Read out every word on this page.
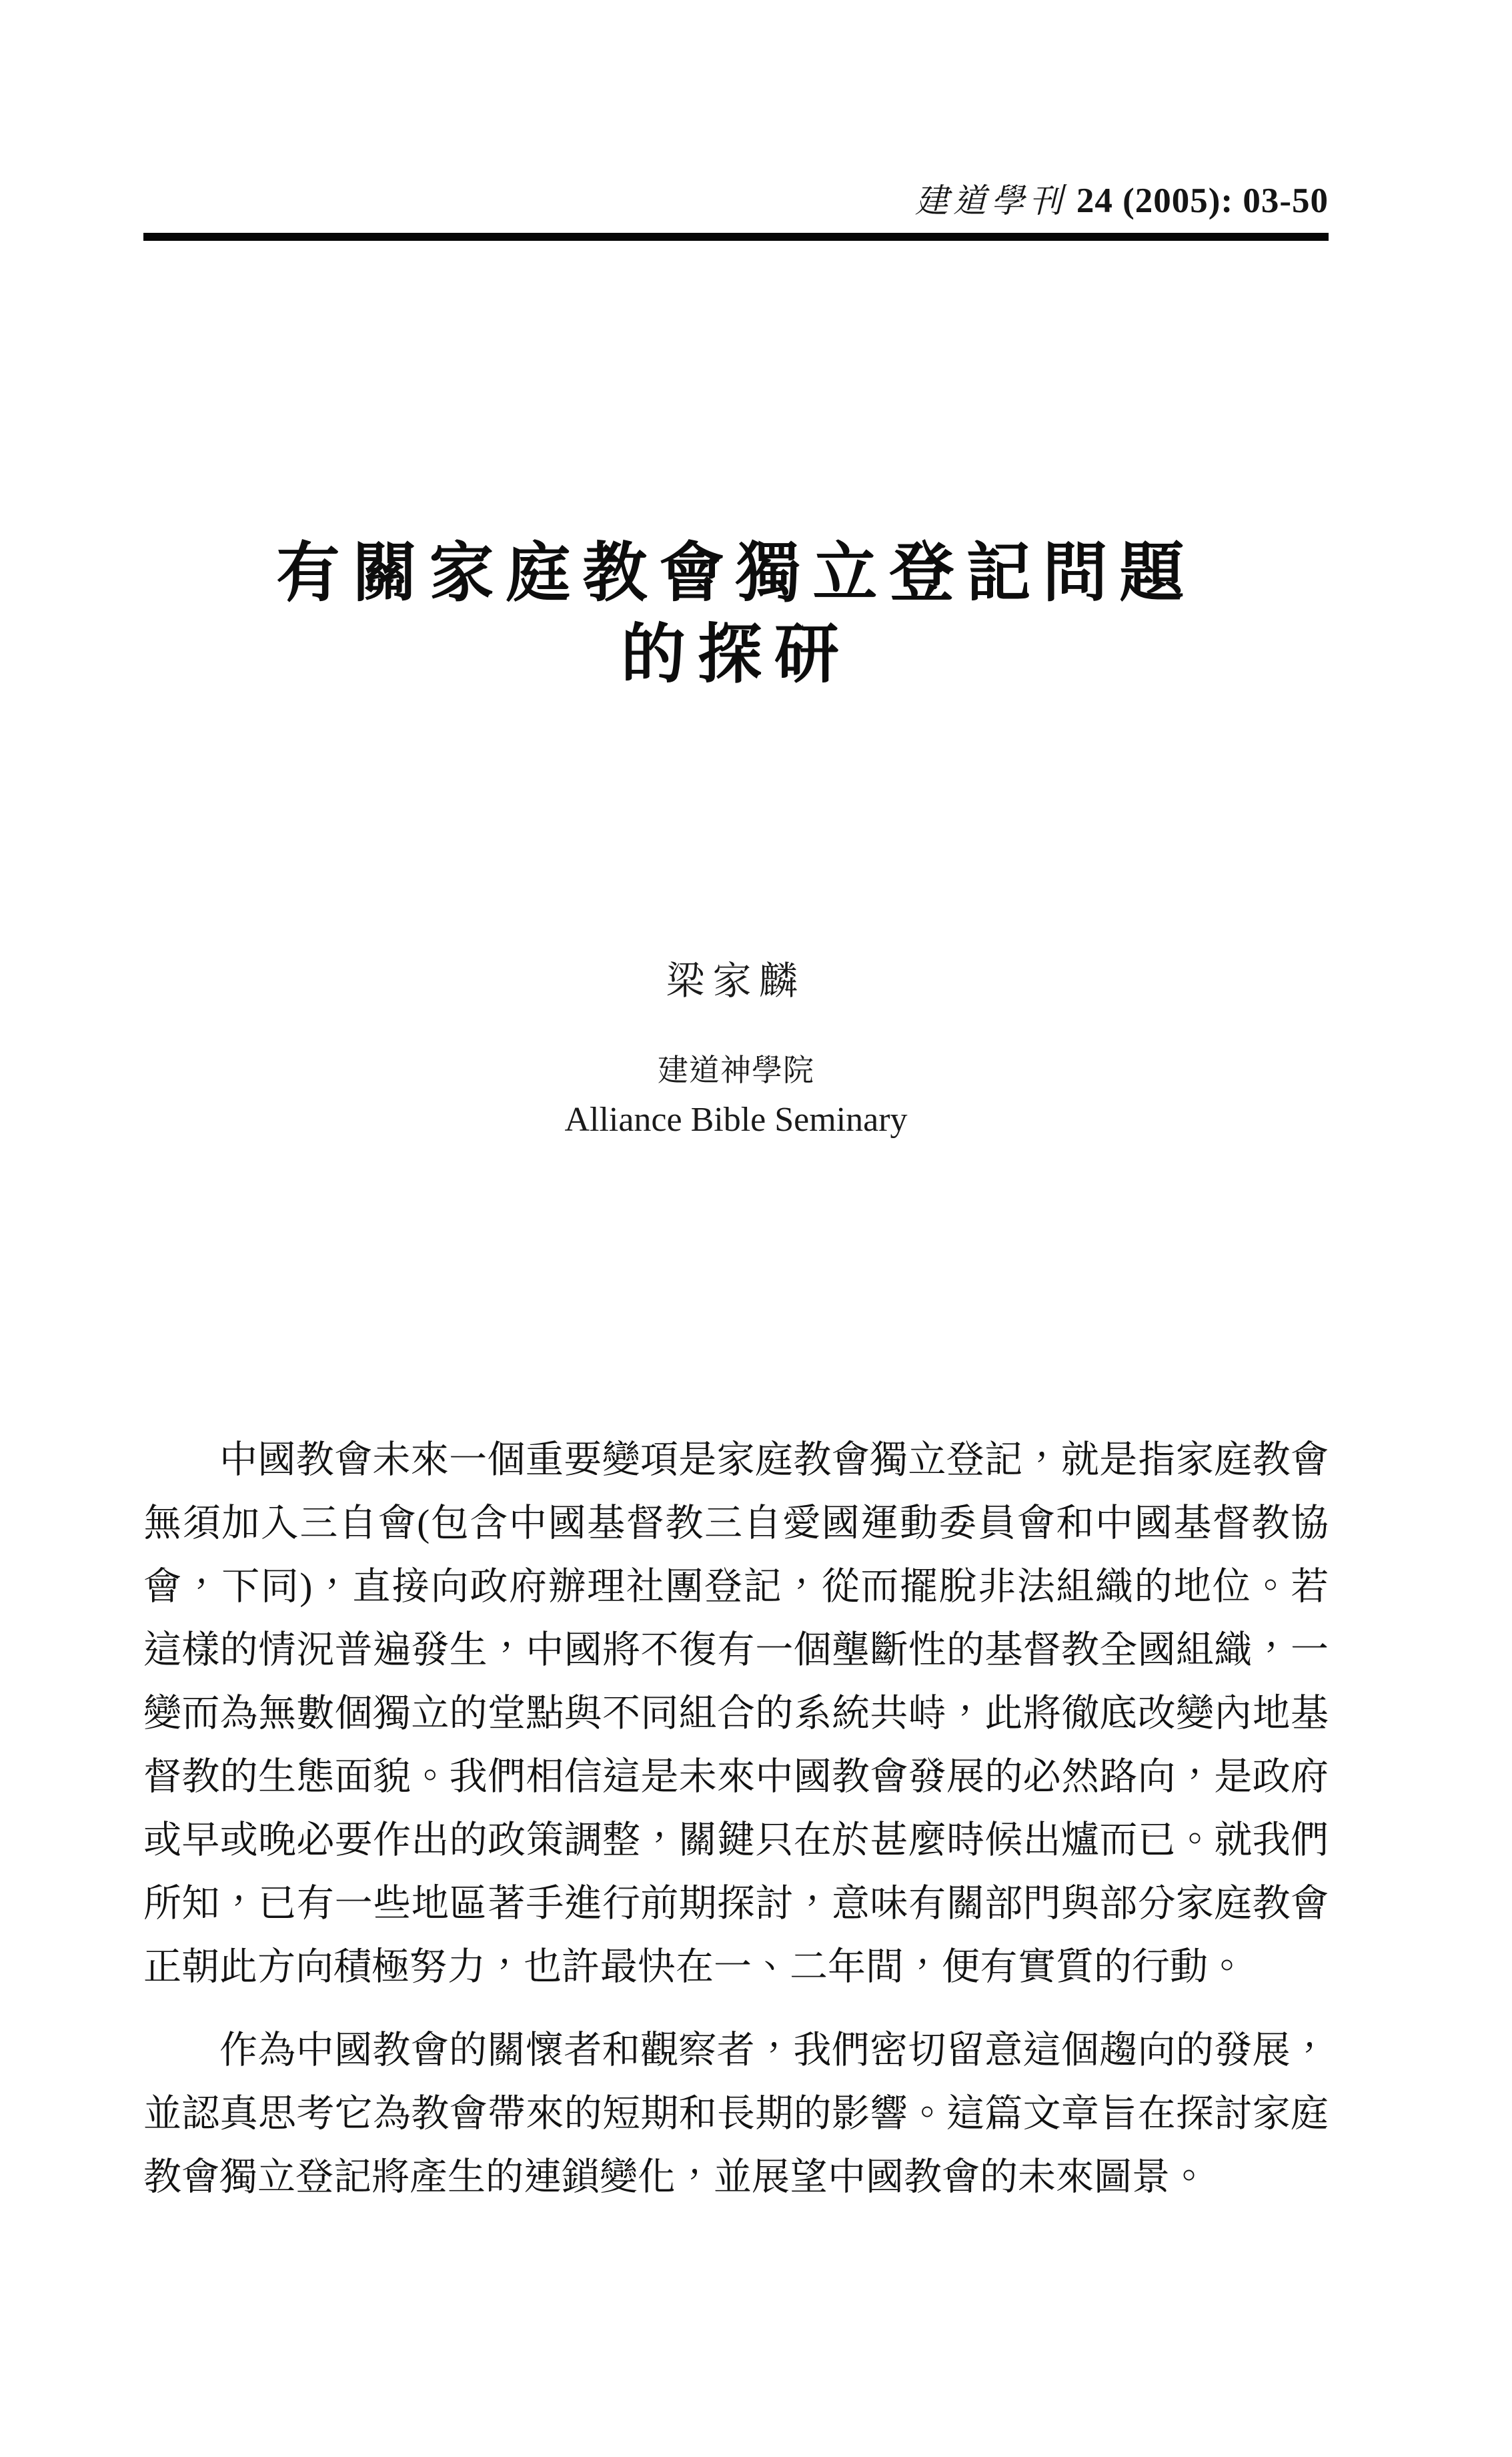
建道學刊 24 (2005): 03-50
有關家庭教會獨立登記問題
的探研
梁家麟
建道神學院
Alliance Bible Seminary
中國教會未來一個重要變項是家庭教會獨立登記，就是指家庭教會
無須加入三自會(包含中國基督教三自愛國運動委員會和中國基督教協
會，下同)，直接向政府辦理社團登記，從而擺脫非法組織的地位。若
這樣的情況普遍發生，中國將不復有一個壟斷性的基督教全國組織，一
變而為無數個獨立的堂點與不同組合的系統共峙，此將徹底改變內地基
督教的生態面貌。我們相信這是未來中國教會發展的必然路向，是政府
或早或晚必要作出的政策調整，關鍵只在於甚麼時候出爐而已。就我們
所知，已有一些地區著手進行前期探討，意味有關部門與部分家庭教會
正朝此方向積極努力，也許最快在一、二年間，便有實質的行動。
作為中國教會的關懷者和觀察者，我們密切留意這個趨向的發展，
並認真思考它為教會帶來的短期和長期的影響。這篇文章旨在探討家庭
教會獨立登記將產生的連鎖變化，並展望中國教會的未來圖景。
